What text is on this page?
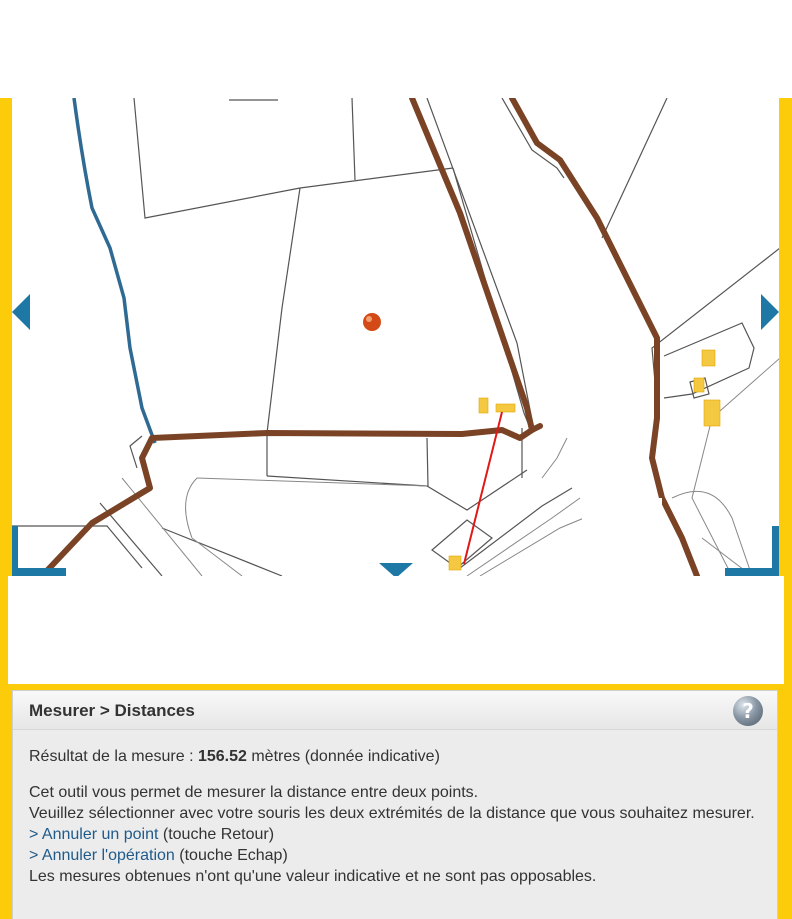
Mesurer > Distances	?

Résultat de la mesure : 156.52 mètres (donnée indicative)

Cet outil vous permet de mesurer la distance entre deux points.

Veuillez sélectionner avec votre souris les deux extrémités de la distance que vous souhaitez mesurer. > Annuler un point (touche Retour)

> Annuler l'opération (touche Echap)

Les mesures obtenues n'ont qu'une valeur indicative et ne sont pas opposables.
